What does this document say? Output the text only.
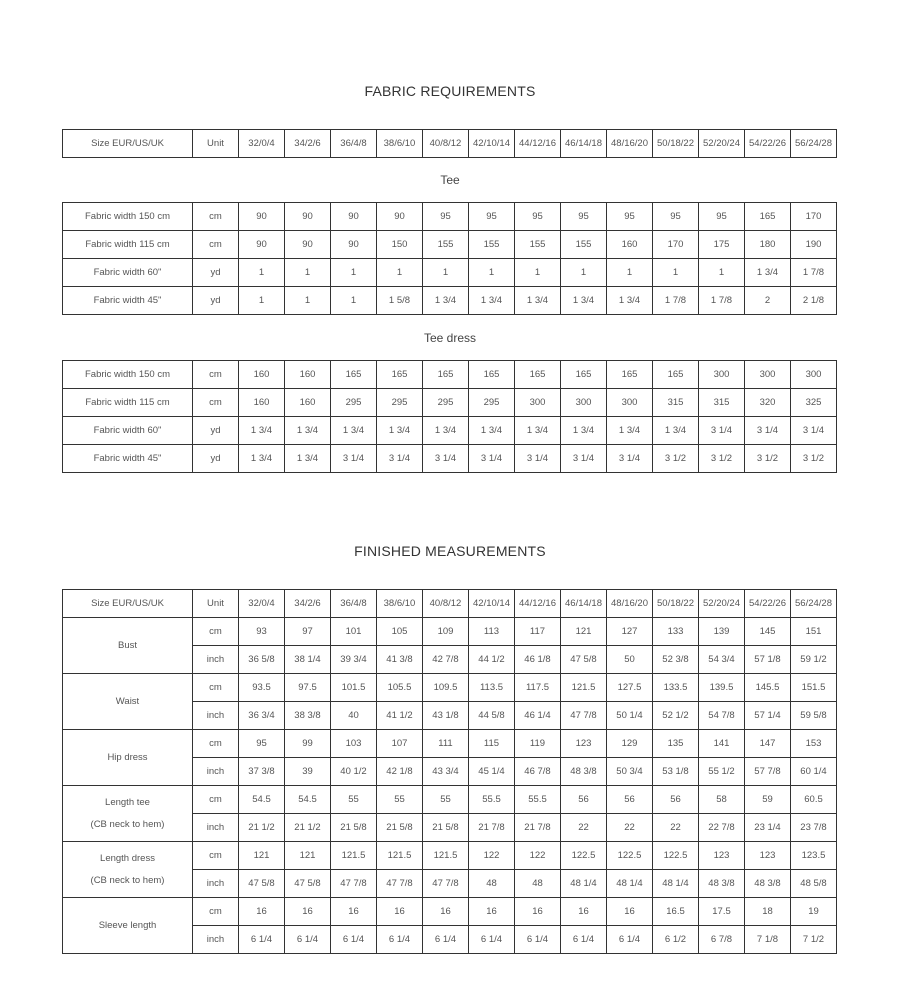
FABRIC REQUIREMENTS
Size EUR/US/UK	Unit	32/0/4	34/2/6	36/4/8	38/6/10	40/8/12	42/10/14	44/12/16	46/14/18	48/16/20	50/18/22	52/20/24	54/22/26	56/24/28
Tee
Fabric width 150 cm	cm	90	90	90	90	95	95	95	95	95	95	95	165	170
Fabric width 115 cm	cm	90	90	90	150	155	155	155	155	160	170	175	180	190
Fabric width 60"	yd	1	1	1	1	1	1	1	1	1	1	1	1 3/4	1 7/8
Fabric width 45"	yd	1	1	1	1 5/8	1 3/4	1 3/4	1 3/4	1 3/4	1 3/4	1 7/8	1 7/8	2	2 1/8
Tee dress
Fabric width 150 cm	cm	160	160	165	165	165	165	165	165	165	165	300	300	300
Fabric width 115 cm	cm	160	160	295	295	295	295	300	300	300	315	315	320	325
Fabric width 60"	yd	1 3/4	1 3/4	1 3/4	1 3/4	1 3/4	1 3/4	1 3/4	1 3/4	1 3/4	1 3/4	3 1/4	3 1/4	3 1/4
Fabric width 45"	yd	1 3/4	1 3/4	3 1/4	3 1/4	3 1/4	3 1/4	3 1/4	3 1/4	3 1/4	3 1/2	3 1/2	3 1/2	3 1/2
FINISHED MEASUREMENTS
Size EUR/US/UK	Unit	32/0/4	34/2/6	36/4/8	38/6/10	40/8/12	42/10/14	44/12/16	46/14/18	48/16/20	50/18/22	52/20/24	54/22/26	56/24/28

Bust	cm	93	97	101	105	109	113	117	121	127	133	139	145	151
	inch	36 5/8	38 1/4	39 3/4	41 3/8	42 7/8	44 1/2	46 1/8	47 5/8	50	52 3/8	54 3/4	57 1/8	59 1/2

Waist	cm	93.5	97.5	101.5	105.5	109.5	113.5	117.5	121.5	127.5	133.5	139.5	145.5	151.5
	inch	36 3/4	38 3/8	40	41 1/2	43 1/8	44 5/8	46 1/4	47 7/8	50 1/4	52 1/2	54 7/8	57 1/4	59 5/8

Hip dress	cm	95	99	103	107	111	115	119	123	129	135	141	147	153
	inch	37 3/8	39	40 1/2	42 1/8	43 3/4	45 1/4	46 7/8	48 3/8	50 3/4	53 1/8	55 1/2	57 7/8	60 1/4

Length tee
(CB neck to hem)	cm	54.5	54.5	55	55	55	55.5	55.5	56	56	56	58	59	60.5
	inch	21 1/2	21 1/2	21 5/8	21 5/8	21 5/8	21 7/8	21 7/8	22	22	22	22 7/8	23 1/4	23 7/8

Length dress
(CB neck to hem)	cm	121	121	121.5	121.5	121.5	122	122	122.5	122.5	122.5	123	123	123.5
	inch	47 5/8	47 5/8	47 7/8	47 7/8	47 7/8	48	48	48 1/4	48 1/4	48 1/4	48 3/8	48 3/8	48 5/8

Sleeve length	cm	16	16	16	16	16	16	16	16	16	16.5	17.5	18	19
	inch	6 1/4	6 1/4	6 1/4	6 1/4	6 1/4	6 1/4	6 1/4	6 1/4	6 1/4	6 1/2	6 7/8	7 1/8	7 1/2
